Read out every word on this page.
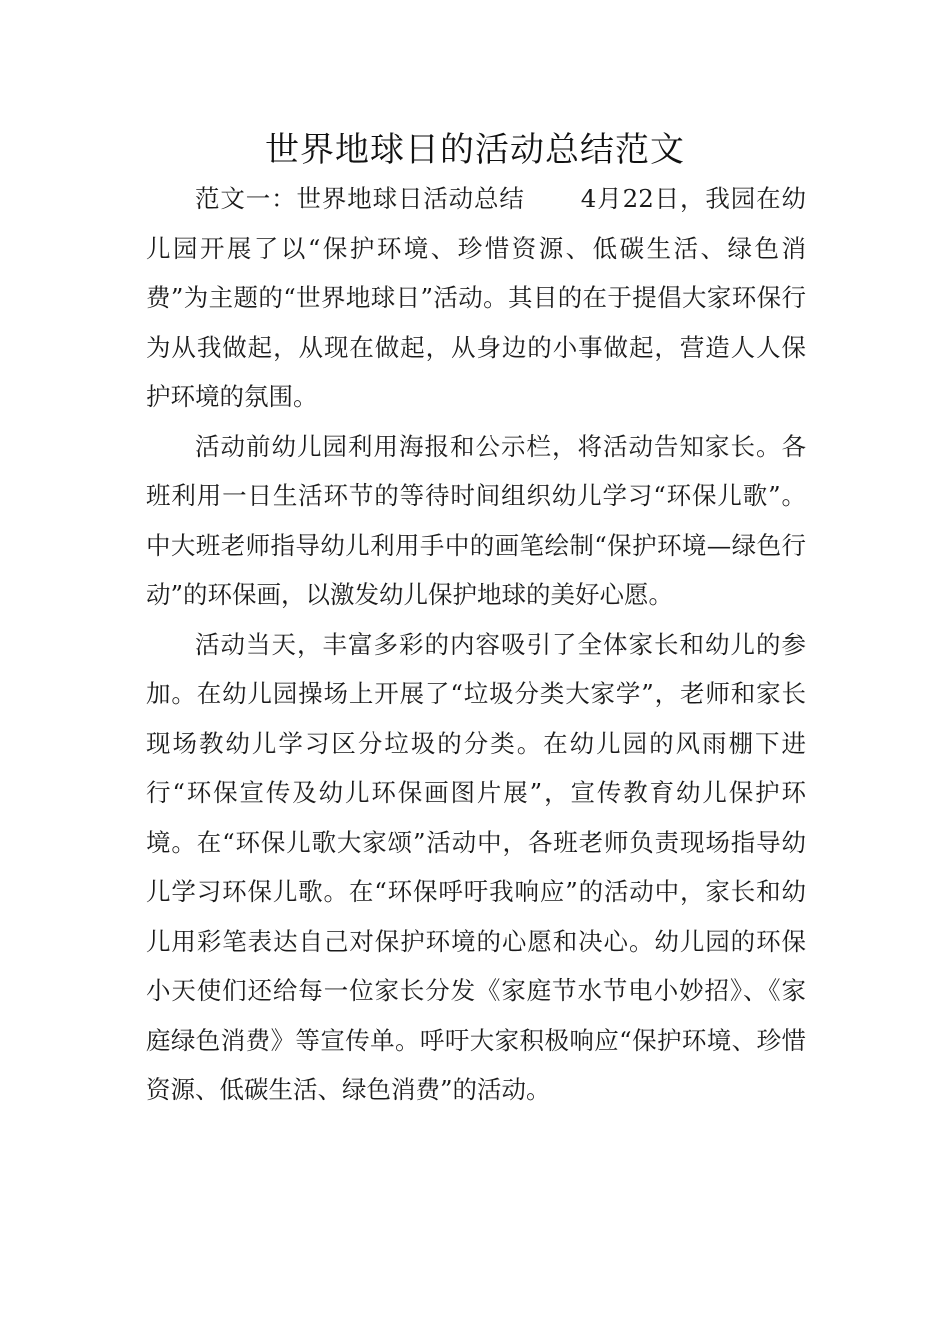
世界地球日的活动总结范文

范文一：世界地球日活动总结 4月22日，我园在幼儿园开展了以“保护环境、珍惜资源、低碳生活、绿色消费”为主题的“世界地球日”活动。其目的在于提倡大家环保行为从我做起，从现在做起，从身边的小事做起，营造人人保护环境的氛围。

活动前幼儿园利用海报和公示栏，将活动告知家长。各班利用一日生活环节的等待时间组织幼儿学习“环保儿歌”。中大班老师指导幼儿利用手中的画笔绘制“保护环境—绿色行动”的环保画，以激发幼儿保护地球的美好心愿。

活动当天，丰富多彩的内容吸引了全体家长和幼儿的参加。在幼儿园操场上开展了“垃圾分类大家学”，老师和家长现场教幼儿学习区分垃圾的分类。在幼儿园的风雨棚下进行“环保宣传及幼儿环保画图片展”，宣传教育幼儿保护环境。在“环保儿歌大家颂”活动中，各班老师负责现场指导幼儿学习环保儿歌。在“环保呼吁我响应”的活动中，家长和幼儿用彩笔表达自己对保护环境的心愿和决心。幼儿园的环保小天使们还给每一位家长分发《家庭节水节电小妙招》、《家庭绿色消费》等宣传单。呼吁大家积极响应“保护环境、珍惜资源、低碳生活、绿色消费”的活动。
